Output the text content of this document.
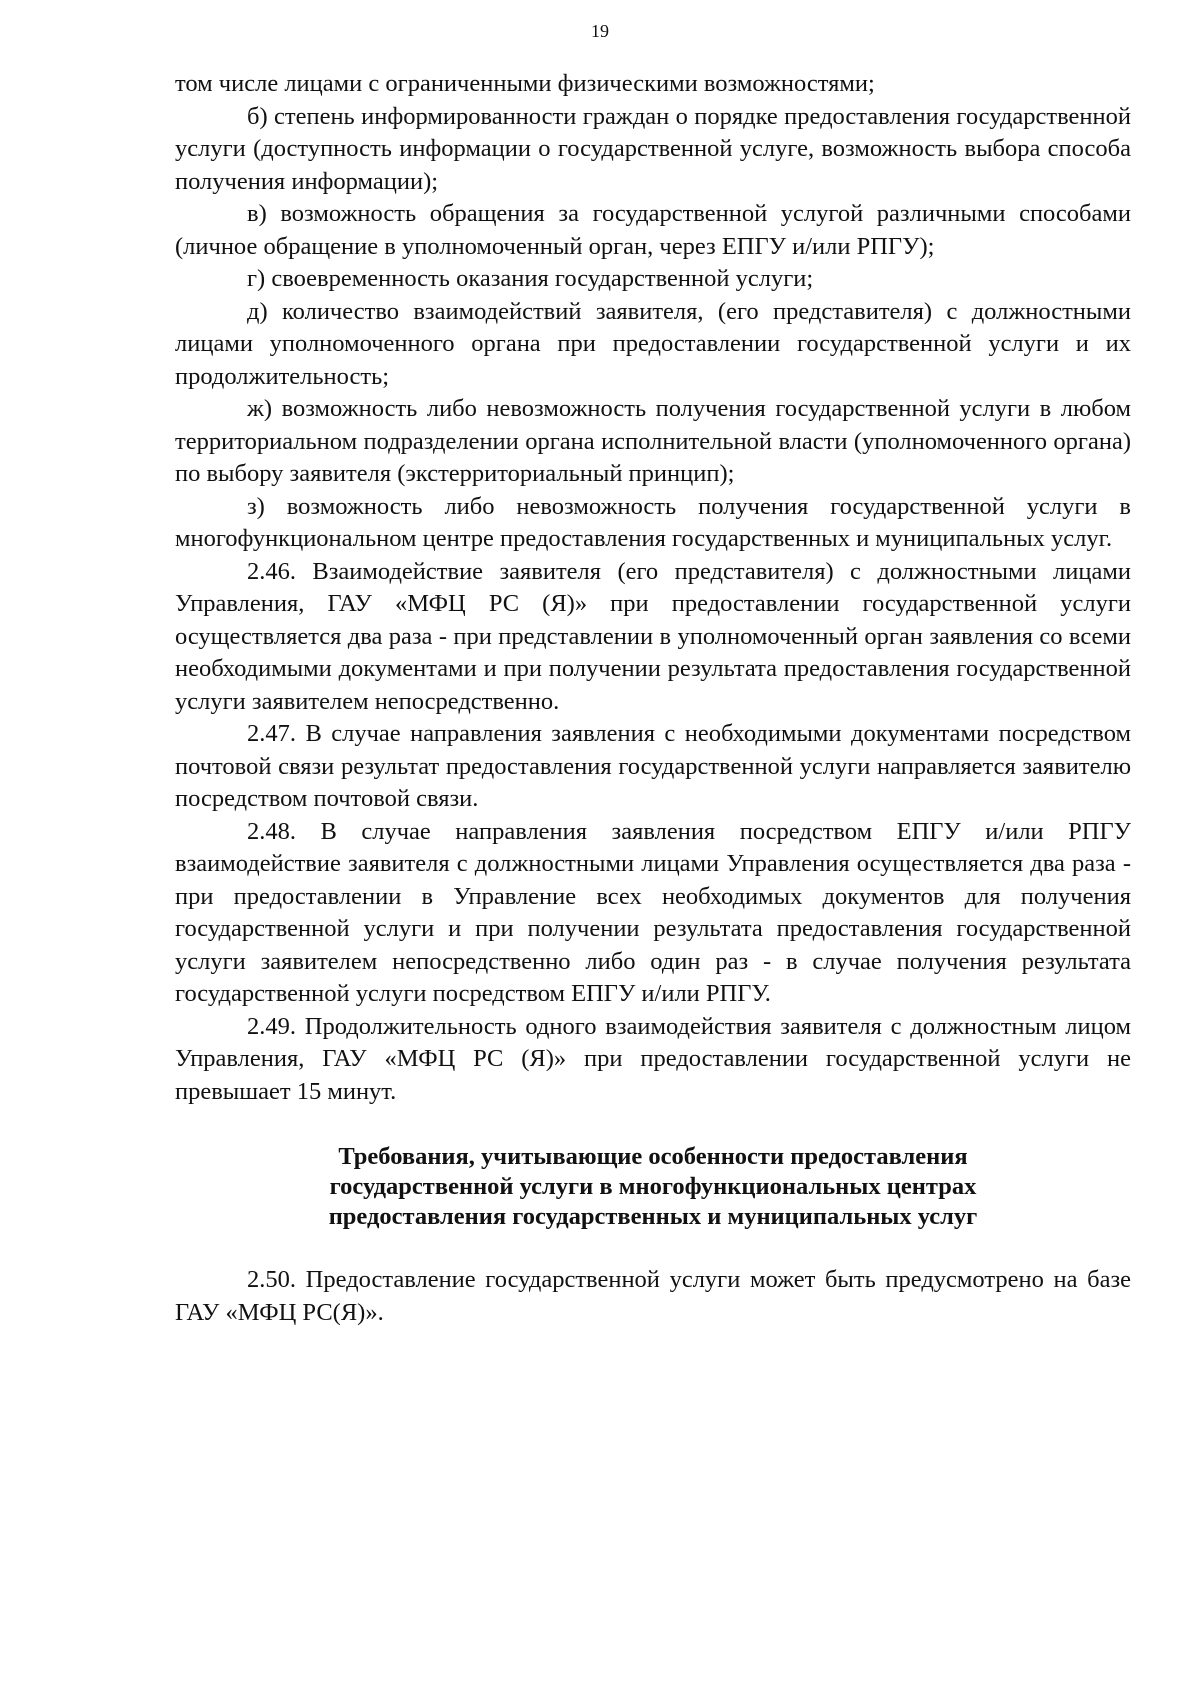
19

том числе лицами с ограниченными физическими возможностями;

б) степень информированности граждан о порядке предоставления государственной услуги (доступность информации о государственной услуге, возможность выбора способа получения информации);

в) возможность обращения за государственной услугой различными способами (личное обращение в уполномоченный орган, через ЕПГУ и/или РПГУ);

г) своевременность оказания государственной услуги;

д) количество взаимодействий заявителя, (его представителя) с должностными лицами уполномоченного органа при предоставлении государственной услуги и их продолжительность;

ж) возможность либо невозможность получения государственной услуги в любом территориальном подразделении органа исполнительной власти (уполномоченного органа) по выбору заявителя (экстерриториальный принцип);

з) возможность либо невозможность получения государственной услуги в многофункциональном центре предоставления государственных и муниципальных услуг.

2.46. Взаимодействие заявителя (его представителя) с должностными лицами Управления, ГАУ «МФЦ РС (Я)» при предоставлении государственной услуги осуществляется два раза - при представлении в уполномоченный орган заявления со всеми необходимыми документами и при получении результата предоставления государственной услуги заявителем непосредственно.

2.47. В случае направления заявления с необходимыми документами посредством почтовой связи результат предоставления государственной услуги направляется заявителю посредством почтовой связи.

2.48. В случае направления заявления посредством ЕПГУ и/или РПГУ взаимодействие заявителя с должностными лицами Управления осуществляется два раза - при предоставлении в Управление всех необходимых документов для получения государственной услуги и при получении результата предоставления государственной услуги заявителем непосредственно либо один раз - в случае получения результата государственной услуги посредством ЕПГУ и/или РПГУ.

2.49. Продолжительность одного взаимодействия заявителя с должностным лицом Управления, ГАУ «МФЦ РС (Я)» при предоставлении государственной услуги не превышает 15 минут.

Требования, учитывающие особенности предоставления
государственной услуги в многофункциональных центрах
предоставления государственных и муниципальных услуг

2.50. Предоставление государственной услуги может быть предусмотрено на базе ГАУ «МФЦ РС(Я)».
